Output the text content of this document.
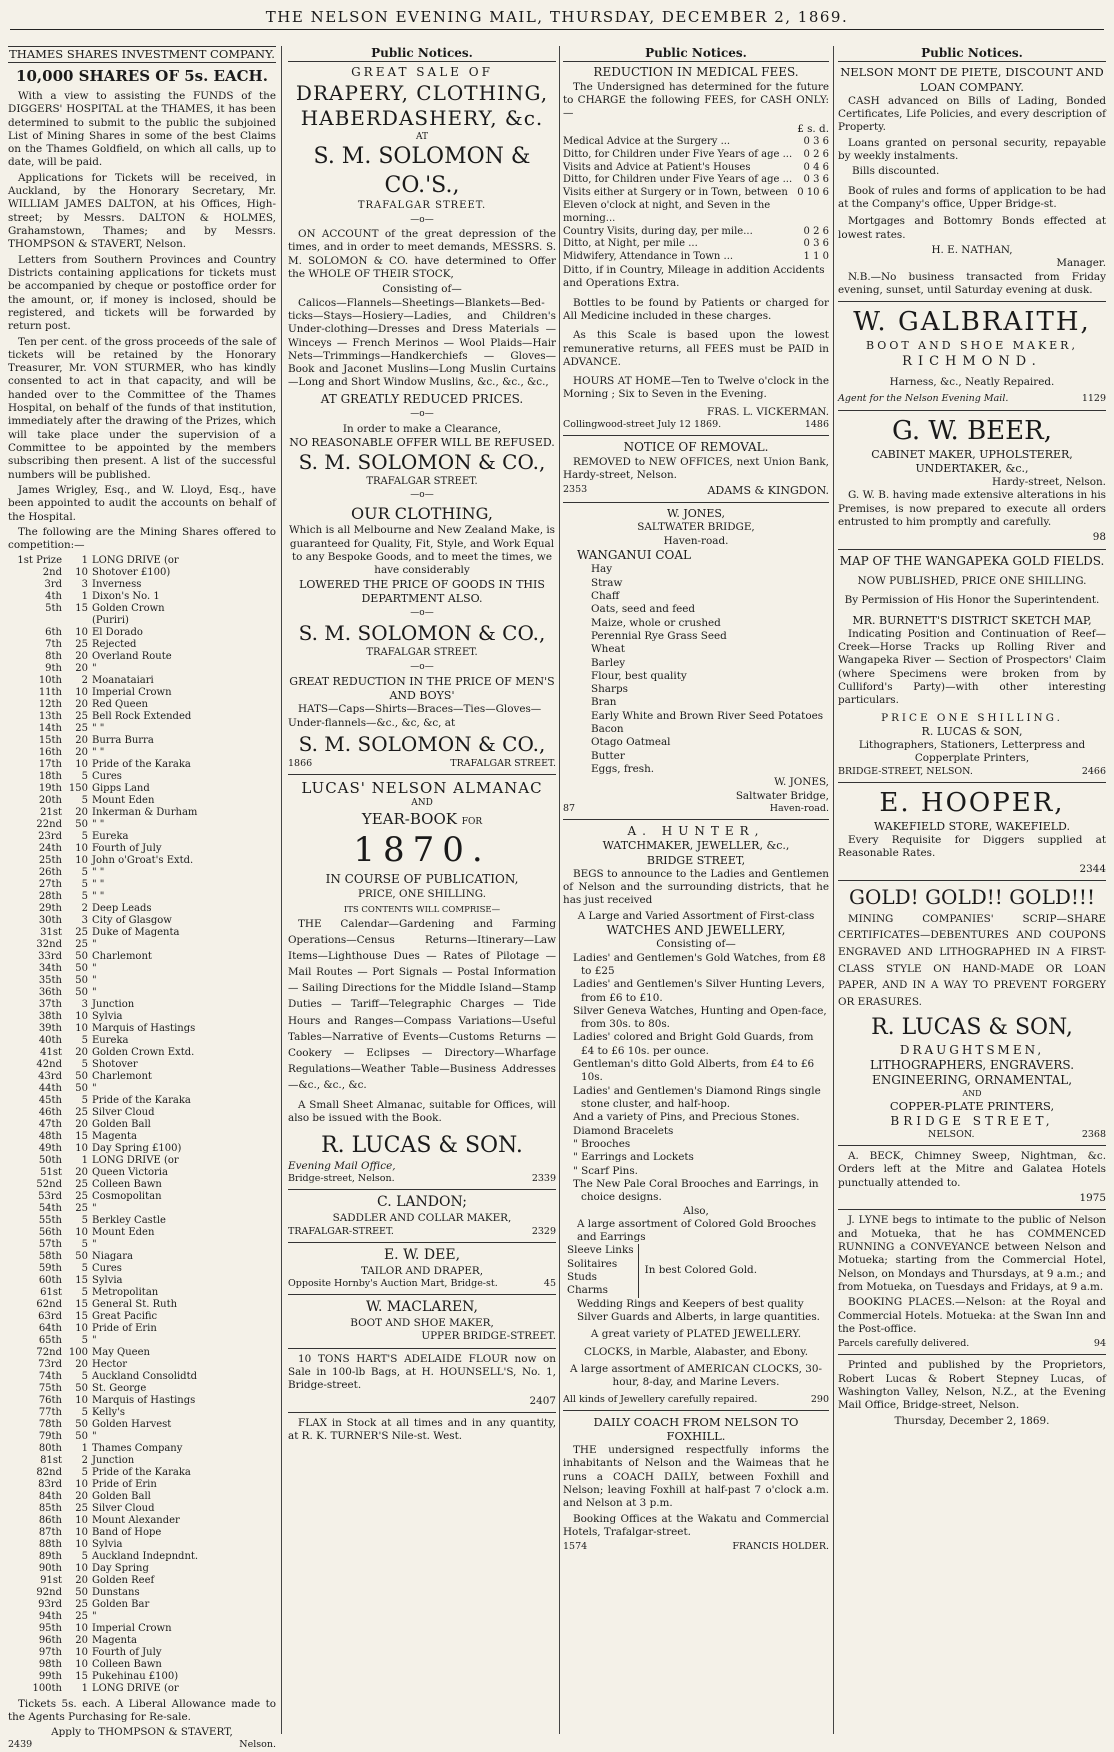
THE NELSON EVENING MAIL, THURSDAY, DECEMBER 2, 1869.
THAMES SHARES INVESTMENT COMPANY.
10,000 SHARES OF 5s. EACH.
With a view to assisting the FUNDS of the DIGGERS' HOSPITAL at the THAMES, it has been determined to submit to the public the subjoined List of Mining Shares in some of the best Claims on the Thames Goldfield, on which all calls, up to date, will be paid.
Applications for Tickets will be received, in Auckland, by the Honorary Secretary, Mr. WILLIAM JAMES DALTON, at his Offices, High-street; by Messrs. DALTON & HOLMES, Grahamstown, Thames; and by Messrs. THOMPSON & STAVERT, Nelson.
Letters from Southern Provinces and Country Districts containing applications for tickets must be accompanied by cheque or postoffice order for the amount, or, if money is inclosed, should be registered, and tickets will be forwarded by return post.
Ten per cent. of the gross proceeds of the sale of tickets will be retained by the Honorary Treasurer, Mr. VON STURMER, who has kindly consented to act in that capacity, and will be handed over to the Committee of the Thames Hospital, on behalf of the funds of that institution, immediately after the drawing of the Prizes, which will take place under the supervision of a Committee to be appointed by the members subscribing then present. A list of the successful numbers will be published.
James Wrigley, Esq., and W. Lloyd, Esq., have been appointed to audit the accounts on behalf of the Hospital.
The following are the Mining Shares offered to competition:—
1st Prize	1 LONG DRIVE (or
2nd	10 Shotover £100)
3rd	3 Inverness
4th	1 Dixon's No. 1
5th	15 Golden Crown
(Puriri)
6th	10 El Dorado
7th	25 Rejected
8th	20 Overland Route
9th	20 "
10th	2 Moanataiari
11th	10 Imperial Crown
12th	20 Red Queen
13th	25 Bell Rock Extended
14th	25 " "
15th	20 Burra Burra
16th	20 " "
17th	10 Pride of the Karaka
18th	5 Cures
19th 150 Gipps Land
20th	5 Mount Eden
21st	20 Inkerman & Durham
22nd	50 " "
23rd	5 Eureka
24th	10 Fourth of July
25th	10 John o'Groat's Extd.
26th	5 " "
27th	5 " "
28th	5 " "
29th	2 Deep Leads
30th	3 City of Glasgow
31st	25 Duke of Magenta
32nd	25 "
33rd	50 Charlemont
34th	50 "
35th	50 "
36th	50 "
37th	3 Junction
38th	10 Sylvia
39th	10 Marquis of Hastings
40th	5 Eureka
41st	20 Golden Crown Extd.
42nd	5 Shotover
43rd	50 Charlemont
44th	50 "
45th	5 Pride of the Karaka
46th	25 Silver Cloud
47th	20 Golden Ball
48th	15 Magenta
49th	10 Day Spring £100)
50th	1 LONG DRIVE (or
51st	20 Queen Victoria
52nd	25 Colleen Bawn
53rd	25 Cosmopolitan
54th	25 "
55th	5 Berkley Castle
56th	10 Mount Eden
57th	5 "
58th	50 Niagara
59th	5 Cures
60th	15 Sylvia
61st	5 Metropolitan
62nd	15 General St. Ruth
63rd	15 Great Pacific
64th	10 Pride of Erin
65th	5 "
72nd 100 May Queen
73rd	20 Hector
74th	5 Auckland Consolidtd
75th	50 St. George
76th	10 Marquis of Hastings
77th	5 Kelly's
78th	50 Golden Harvest
79th	50 "
80th	1 Thames Company
81st	2 Junction
82nd	5 Pride of the Karaka
83rd	10 Pride of Erin
84th	20 Golden Ball
85th	25 Silver Cloud
86th	10 Mount Alexander
87th	10 Band of Hope
88th	10 Sylvia
89th	5 Auckland Indepndnt.
90th	10 Day Spring
91st	20 Golden Reef
92nd	50 Dunstans
93rd	25 Golden Bar
94th	25 "
95th	10 Imperial Crown
96th	20 Magenta
97th	10 Fourth of July
98th	10 Colleen Bawn
99th	15 Pukehinau £100)
100th	1 LONG DRIVE (or
Tickets 5s. each. A Liberal Allowance made to the Agents Purchasing for Re-sale.
Apply to THOMPSON & STAVERT,
2439	Nelson.
Public Notices.
GREAT SALE OF
DRAPERY, CLOTHING,
HABERDASHERY, &c.
AT
S. M. SOLOMON & CO.'S.,
TRAFALGAR STREET.
—o—
ON ACCOUNT of the great depression of the times, and in order to meet demands, MESSRS. S. M. SOLOMON & CO. have determined to Offer the WHOLE OF THEIR STOCK,
Consisting of—
Calicos—Flannels—Sheetings—Blankets—Bed-ticks—Stays—Hosiery—Ladies, and Children's Under-clothing—Dresses and Dress Materials — Winceys — French Merinos — Wool Plaids—Hair Nets—Trimmings—Handkerchiefs — Gloves—Book and Jaconet Muslins—Long Muslin Curtains—Long and Short Window Muslins, &c., &c., &c.,
AT GREATLY REDUCED PRICES.
—o—
In order to make a Clearance,
NO REASONABLE OFFER WILL BE REFUSED.
S. M. SOLOMON & CO.,
TRAFALGAR STREET.
—o—
OUR CLOTHING,
Which is all Melbourne and New Zealand Make, is guaranteed for Quality, Fit, Style, and Work Equal to any Bespoke Goods, and to meet the times, we have considerably
LOWERED THE PRICE OF GOODS IN THIS DEPARTMENT ALSO.
—o—
S. M. SOLOMON & CO.,
TRAFALGAR STREET.
—o—
GREAT REDUCTION IN THE PRICE OF MEN'S AND BOYS'
HATS—Caps—Shirts—Braces—Ties—Gloves—Under-flannels—&c., &c, &c, at
S. M. SOLOMON & CO.,
1866	TRAFALGAR STREET.
LUCAS' NELSON ALMANAC
AND
YEAR-BOOK FOR
1870.
IN COURSE OF PUBLICATION,
PRICE, ONE SHILLING.
ITS CONTENTS WILL COMPRISE—
THE Calendar—Gardening and Farming Operations—Census Returns—Itinerary—Law Items—Lighthouse Dues — Rates of Pilotage — Mail Routes — Port Signals — Postal Information — Sailing Directions for the Middle Island—Stamp Duties — Tariff—Telegraphic Charges — Tide Hours and Ranges—Compass Variations—Useful Tables—Narrative of Events—Customs Returns — Cookery — Eclipses — Directory—Wharfage Regulations—Weather Table—Business Addresses—&c., &c., &c.
A Small Sheet Almanac, suitable for Offices, will also be issued with the Book.
R. LUCAS & SON.
Evening Mail Office,
Bridge-street, Nelson.	2339
C. LANDON;
SADDLER AND COLLAR MAKER,
TRAFALGAR-STREET.	2329
E. W. DEE,
TAILOR AND DRAPER,
Opposite Hornby's Auction Mart, Bridge-st.	45
W. MACLAREN,
BOOT AND SHOE MAKER,
UPPER BRIDGE-STREET.
10 TONS HART'S ADELAIDE FLOUR now on Sale in 100-lb Bags, at H. HOUNSELL'S, No. 1, Bridge-street.
2407
FLAX in Stock at all times and in any quantity, at R. K. TURNER'S Nile-st. West.
Public Notices.
REDUCTION IN MEDICAL FEES.
The Undersigned has determined for the future to CHARGE the following FEES, for CASH ONLY:—
£ s. d.
Medical Advice at the Surgery ...	0 3 6
Ditto, for Children under Five Years of age ...	0 2 6
Visits and Advice at Patient's Houses	0 4 6
Ditto, for Children under Five Years of age ...	0 3 6
Visits either at Surgery or in Town, between Eleven o'clock at night, and Seven in the morning...
0 10 6
Country Visits, during day, per mile...	0 2 6
Ditto, at Night, per mile ...	0 3 6
Midwifery, Attendance in Town ...	1 1 0
Ditto, if in Country, Mileage in addition Accidents and Operations Extra.
Bottles to be found by Patients or charged for All Medicine included in these charges.
As this Scale is based upon the lowest remunerative returns, all FEES must be PAID in ADVANCE.
HOURS AT HOME—Ten to Twelve o'clock in the Morning ; Six to Seven in the Evening.
FRAS. L. VICKERMAN.
Collingwood-street July 12 1869.	1486
NOTICE OF REMOVAL.
REMOVED to NEW OFFICES, next Union Bank, Hardy-street, Nelson.
2353	ADAMS & KINGDON.
W. JONES,
SALTWATER BRIDGE,
Haven-road.
WANGANUI COAL
Hay
Straw
Chaff
Oats, seed and feed
Maize, whole or crushed
Perennial Rye Grass Seed
Wheat
Barley
Flour, best quality
Sharps
Bran
Early White and Brown River Seed Potatoes
Bacon
Otago Oatmeal
Butter
Eggs, fresh.
W. JONES,
Saltwater Bridge,
87	Haven-road.
A. HUNTER,
WATCHMAKER, JEWELLER, &c.,
BRIDGE STREET,
BEGS to announce to the Ladies and Gentlemen of Nelson and the surrounding districts, that he has just received
A Large and Varied Assortment of First-class
WATCHES AND JEWELLERY,
Consisting of—
Ladies' and Gentlemen's Gold Watches, from £8 to £25
Ladies' and Gentlemen's Silver Hunting Levers, from £6 to £10.
Silver Geneva Watches, Hunting and Open-face, from 30s. to 80s.
Ladies' colored and Bright Gold Guards, from £4 to £6 10s. per ounce.
Gentleman's ditto Gold Alberts, from £4 to £6 10s.
Ladies' and Gentlemen's Diamond Rings single stone cluster, and half-hoop.
And a variety of Pins, and Precious Stones.
Diamond Bracelets
" Brooches
" Earrings and Lockets
" Scarf Pins.
The New Pale Coral Brooches and Earrings, in choice designs.
Also,
A large assortment of Colored Gold Brooches and Earrings
Sleeve Links
Solitaires
Studs
Charms
In best Colored Gold.
Wedding Rings and Keepers of best quality Silver Guards and Alberts, in large quantities.
A great variety of PLATED JEWELLERY.
CLOCKS, in Marble, Alabaster, and Ebony.
A large assortment of AMERICAN CLOCKS, 30-hour, 8-day, and Marine Levers.
All kinds of Jewellery carefully repaired.	290
DAILY COACH FROM NELSON TO FOXHILL.
THE undersigned respectfully informs the inhabitants of Nelson and the Waimeas that he runs a COACH DAILY, between Foxhill and Nelson; leaving Foxhill at half-past 7 o'clock a.m. and Nelson at 3 p.m.
Booking Offices at the Wakatu and Commercial Hotels, Trafalgar-street.
1574	FRANCIS HOLDER.
Public Notices.
NELSON MONT DE PIETE, DISCOUNT AND LOAN COMPANY.
CASH advanced on Bills of Lading, Bonded Certificates, Life Policies, and every description of Property.
Loans granted on personal security, repayable by weekly instalments.
Bills discounted.
Book of rules and forms of application to be had at the Company's office, Upper Bridge-st.
Mortgages and Bottomry Bonds effected at lowest rates.
H. E. NATHAN,
Manager.
N.B.—No business transacted from Friday evening, sunset, until Saturday evening at dusk.
W. GALBRAITH,
BOOT AND SHOE MAKER,
RICHMOND.
Harness, &c., Neatly Repaired.
Agent for the Nelson Evening Mail.	1129
G. W. BEER,
CABINET MAKER, UPHOLSTERER,
UNDERTAKER, &c.,
Hardy-street, Nelson.
G. W. B. having made extensive alterations in his Premises, is now prepared to execute all orders entrusted to him promptly and carefully.
98
MAP OF THE WANGAPEKA GOLD FIELDS.
NOW PUBLISHED, PRICE ONE SHILLING.
By Permission of His Honor the Superintendent.
MR. BURNETT'S DISTRICT SKETCH MAP,
Indicating Position and Continuation of Reef—Creek—Horse Tracks up Rolling River and Wangapeka River — Section of Prospectors' Claim (where Specimens were broken from by Culliford's Party)—with other interesting particulars.
PRICE ONE SHILLING.
R. LUCAS & SON,
Lithographers, Stationers, Letterpress and Copperplate Printers,
BRIDGE-STREET, NELSON.	2466
E. HOOPER,
WAKEFIELD STORE, WAKEFIELD.
Every Requisite for Diggers supplied at Reasonable Rates.
2344
GOLD! GOLD!! GOLD!!!
MINING COMPANIES' SCRIP—SHARE CERTIFICATES—DEBENTURES AND COUPONS ENGRAVED AND LITHOGRAPHED IN A FIRST-CLASS STYLE ON HAND-MADE OR LOAN PAPER, AND IN A WAY TO PREVENT FORGERY OR ERASURES.
R. LUCAS & SON,
DRAUGHTSMEN,
LITHOGRAPHERS, ENGRAVERS.
ENGINEERING, ORNAMENTAL,
AND
COPPER-PLATE PRINTERS,
BRIDGE STREET,
NELSON.	2368
A. BECK, Chimney Sweep, Nightman, &c. Orders left at the Mitre and Galatea Hotels punctually attended to.
1975
J. LYNE begs to intimate to the public of Nelson and Motueka, that he has COMMENCED RUNNING a CONVEYANCE between Nelson and Motueka; starting from the Commercial Hotel, Nelson, on Mondays and Thursdays, at 9 a.m.; and from Motueka, on Tuesdays and Fridays, at 9 a.m.
BOOKING PLACES.—Nelson: at the Royal and Commercial Hotels. Motueka: at the Swan Inn and the Post-office.
Parcels carefully delivered.	94
Printed and published by the Proprietors, Robert Lucas & Robert Stepney Lucas, of Washington Valley, Nelson, N.Z., at the Evening Mail Office, Bridge-street, Nelson.
Thursday, December 2, 1869.
